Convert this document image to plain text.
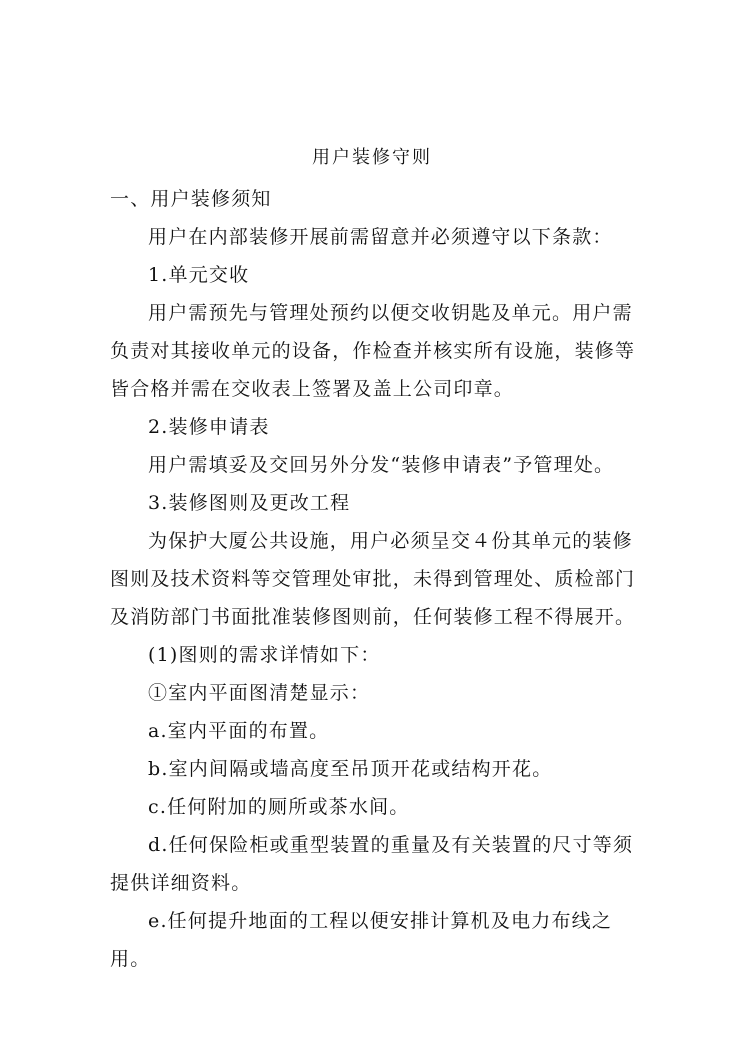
用户装修守则
一、用户装修须知

用户在内部装修开展前需留意并必须遵守以下条款：

1.单元交收

用户需预先与管理处预约以便交收钥匙及单元。用户需负责对其接收单元的设备，作检查并核实所有设施，装修等皆合格并需在交收表上签署及盖上公司印章。

2.装修申请表

用户需填妥及交回另外分发“装修申请表”予管理处。

3.装修图则及更改工程

为保护大厦公共设施，用户必须呈交４份其单元的装修图则及技术资料等交管理处审批，未得到管理处、质检部门及消防部门书面批准装修图则前，任何装修工程不得展开。

(1)图则的需求详情如下：

①室内平面图清楚显示：

a.室内平面的布置。

b.室内间隔或墙高度至吊顶开花或结构开花。

c.任何附加的厕所或茶水间。

d.任何保险柜或重型装置的重量及有关装置的尺寸等须提供详细资料。

e.任何提升地面的工程以便安排计算机及电力布线之用。
